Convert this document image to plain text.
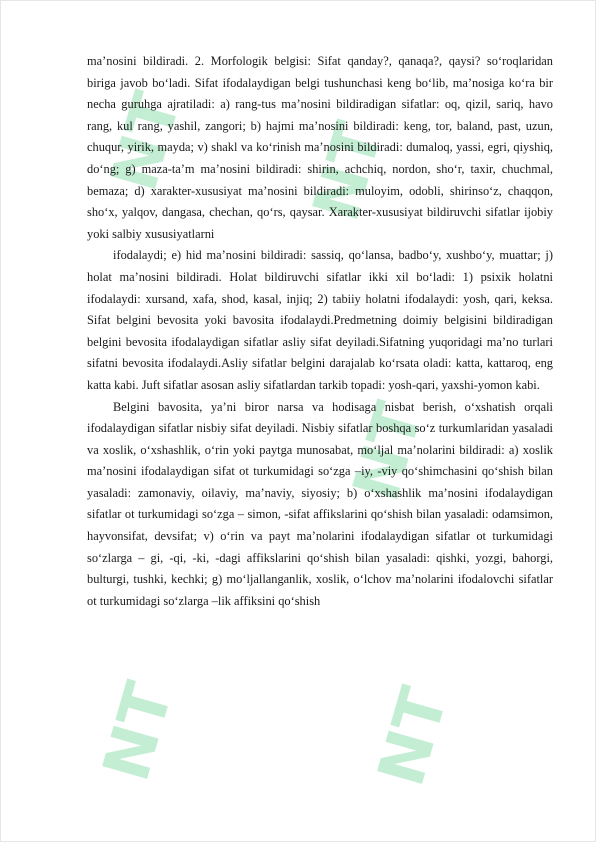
NT NT
NT
NT	NT

ma’nosini bildiradi. 2. Morfologik belgisi: Sifat qanday?, qanaqa?, qaysi? so‘roqlaridan biriga javob bo‘ladi. Sifat ifodalaydigan belgi tushunchasi keng bo‘lib, ma’nosiga ko‘ra bir necha guruhga ajratiladi: a) rang-tus ma’nosini bildiradigan sifatlar: oq, qizil, sariq, havo rang, kul rang, yashil, zangori; b) hajmi ma’nosini bildiradi: keng, tor, baland, past, uzun, chuqur, yirik, mayda; v) shakl va ko‘rinish ma’nosini bildiradi: dumaloq, yassi, egri, qiyshiq, do‘ng; g) maza-ta’m ma’nosini bildiradi: shirin, achchiq, nordon, sho‘r, taxir, chuchmal, bemaza; d) xarakter-xususiyat ma’nosini bildiradi: muloyim, odobli, shirinso‘z, chaqqon, sho‘x, yalqov, dangasa, chechan, qo‘rs, qaysar. Xarakter-xususiyat bildiruvchi sifatlar ijobiy yoki salbiy xususiyatlarni

ifodalaydi; e) hid ma’nosini bildiradi: sassiq, qo‘lansa, badbo‘y, xushbo‘y, muattar; j) holat ma’nosini bildiradi. Holat bildiruvchi sifatlar ikki xil bo‘ladi: 1) psixik holatni ifodalaydi: xursand, xafa, shod, kasal, injiq; 2) tabiiy holatni ifodalaydi: yosh, qari, keksa. Sifat belgini bevosita yoki bavosita ifodalaydi.Predmetning doimiy belgisini bildiradigan belgini bevosita ifodalaydigan sifatlar asliy sifat deyiladi.Sifatning yuqoridagi ma’no turlari sifatni bevosita ifodalaydi.Asliy sifatlar belgini darajalab ko‘rsata oladi: katta, kattaroq, eng katta kabi. Juft sifatlar asosan asliy sifatlardan tarkib topadi: yosh-qari, yaxshi-yomon kabi.

Belgini bavosita, ya’ni biror narsa va hodisaga nisbat berish, o‘xshatish orqali ifodalaydigan sifatlar nisbiy sifat deyiladi. Nisbiy sifatlar boshqa so‘z turkumlaridan yasaladi va xoslik, o‘xshashlik, o‘rin yoki paytga munosabat, mo‘ljal ma’nolarini bildiradi: a) xoslik ma’nosini ifodalaydigan sifat ot turkumidagi so‘zga –iy, -viy qo‘shimchasini qo‘shish bilan yasaladi: zamonaviy, oilaviy, ma’naviy, siyosiy; b) o‘xshashlik ma’nosini ifodalaydigan sifatlar ot turkumidagi so‘zga – simon, -sifat affikslarini qo‘shish bilan yasaladi: odamsimon, hayvonsifat, devsifat; v) o‘rin va payt ma’nolarini ifodalaydigan sifatlar ot turkumidagi so‘zlarga – gi, -qi, -ki, -dagi affikslarini qo‘shish bilan yasaladi: qishki, yozgi, bahorgi, bulturgi, tushki, kechki; g) mo‘ljallanganlik, xoslik, o‘lchov ma’nolarini ifodalovchi sifatlar ot turkumidagi so‘zlarga –lik affiksini qo‘shish
